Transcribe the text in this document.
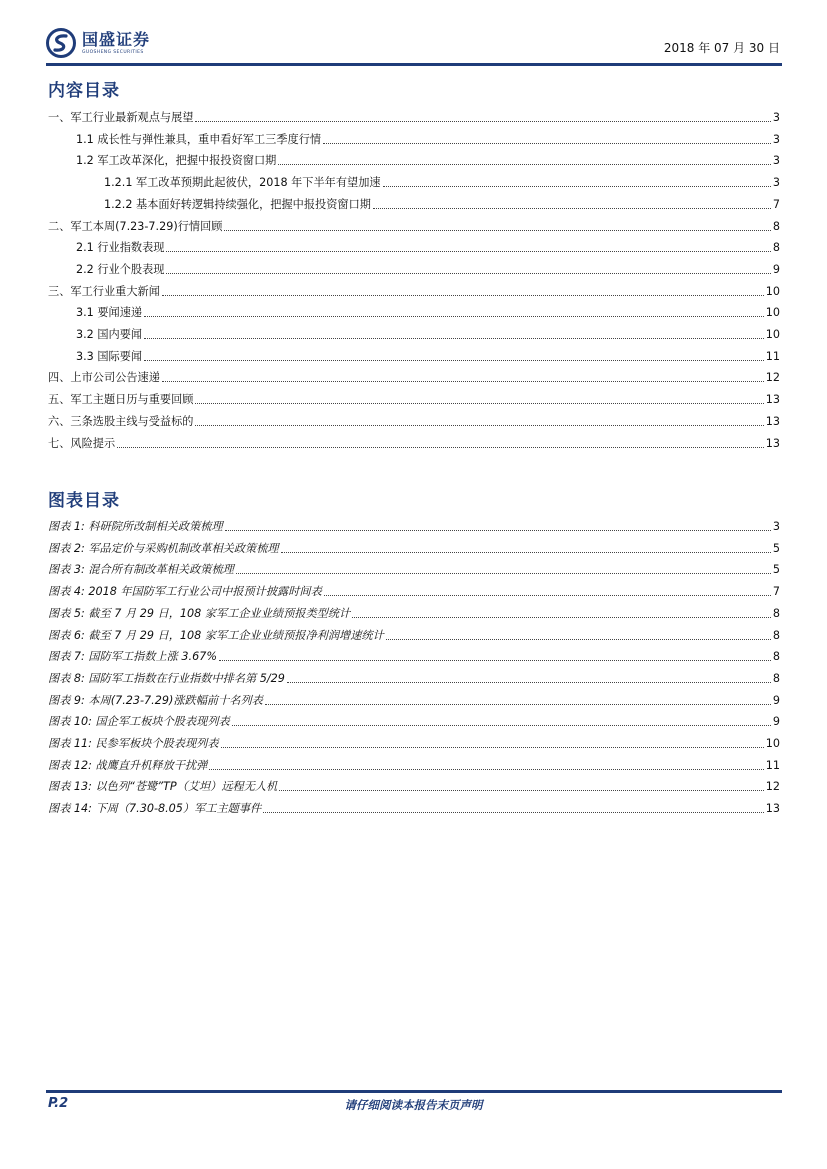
国盛证券
GUOSHENG SECURITIES	2018 年 07 月 30 日
内容目录
一、军工行业最新观点与展望	3
1.1 成长性与弹性兼具，重申看好军工三季度行情	3
1.2 军工改革深化，把握中报投资窗口期	3
1.2.1 军工改革预期此起彼伏，2018 年下半年有望加速	3
1.2.2 基本面好转逻辑持续强化，把握中报投资窗口期	7
二、军工本周(7.23-7.29)行情回顾	8
2.1 行业指数表现	8
2.2 行业个股表现	9
三、军工行业重大新闻	10
3.1 要闻速递	10
3.2 国内要闻	10
3.3 国际要闻	11
四、上市公司公告速递	12
五、军工主题日历与重要回顾	13
六、三条选股主线与受益标的	13
七、风险提示	13
图表目录
图表 1: 科研院所改制相关政策梳理	3
图表 2: 军品定价与采购机制改革相关政策梳理	5
图表 3: 混合所有制改革相关政策梳理	5
图表 4: 2018 年国防军工行业公司中报预计披露时间表	7
图表 5: 截至 7 月 29 日，108 家军工企业业绩预报类型统计	8
图表 6: 截至 7 月 29 日，108 家军工企业业绩预报净利润增速统计	8
图表 7: 国防军工指数上涨 3.67%	8
图表 8: 国防军工指数在行业指数中排名第 5/29	8
图表 9: 本周(7.23-7.29)涨跌幅前十名列表	9
图表 10: 国企军工板块个股表现列表	9
图表 11: 民参军板块个股表现列表	10
图表 12: 战鹰直升机释放干扰弹	11
图表 13: 以色列“苍鹭”TP（艾坦）远程无人机	12
图表 14: 下周（7.30-8.05）军工主题事件	13
P.2	请仔细阅读本报告末页声明
